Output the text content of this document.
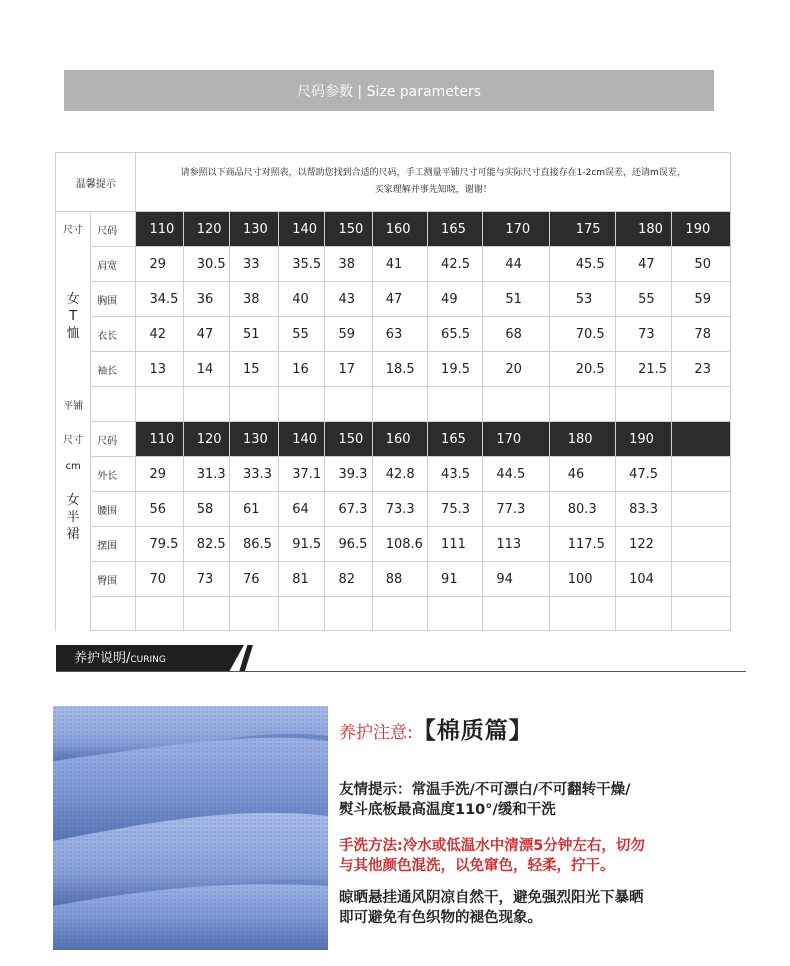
尺码参数 | Size parameters
温馨提示		请参照以下商品尺寸对照表，以帮助您找到合适的尺码，手工测量平铺尺寸可能与实际尺寸直接存在1-2cm误差，还请m误差，
买家理解并事先知晓，谢谢！										

尺寸	尺码	110	120	130	140	150	160	165	170	175	180	190

女
T
恤	肩宽	29	30.5	33	35.5	38	41	42.5	44	45.5	47	50
	胸围	34.5	36	38	40	43	47	49	51	53	55	59
	衣长	42	47	51	55	59	63	65.5	68	70.5	73	78
	袖长	13	14	15	16	17	18.5	19.5	20	20.5	21.5	23
平铺												
尺寸	尺码	110	120	130	140	150	160	165	170	180	190	
cm	外长	29	31.3	33.3	37.1	39.3	42.8	43.5	44.5	46	47.5	

女
半
裙	腰围	56	58	61	64	67.3	73.3	75.3	77.3	80.3	83.3	
	摆围	79.5	82.5	86.5	91.5	96.5	108.6	111	113	117.5	122	
	臀围	70	73	76	81	82	88	91	94	100	104	

养护说明/CURING
养护注意:【棉质篇】
友情提示：常温手洗/不可漂白/不可翻转干燥/
熨斗底板最高温度110°/缓和干洗
手洗方法:冷水或低温水中清漂5分钟左右，切勿
与其他颜色混洗，以免窜色，轻柔，拧干。
晾晒悬挂通风阴凉自然干，避免强烈阳光下暴晒
即可避免有色织物的褪色现象。
